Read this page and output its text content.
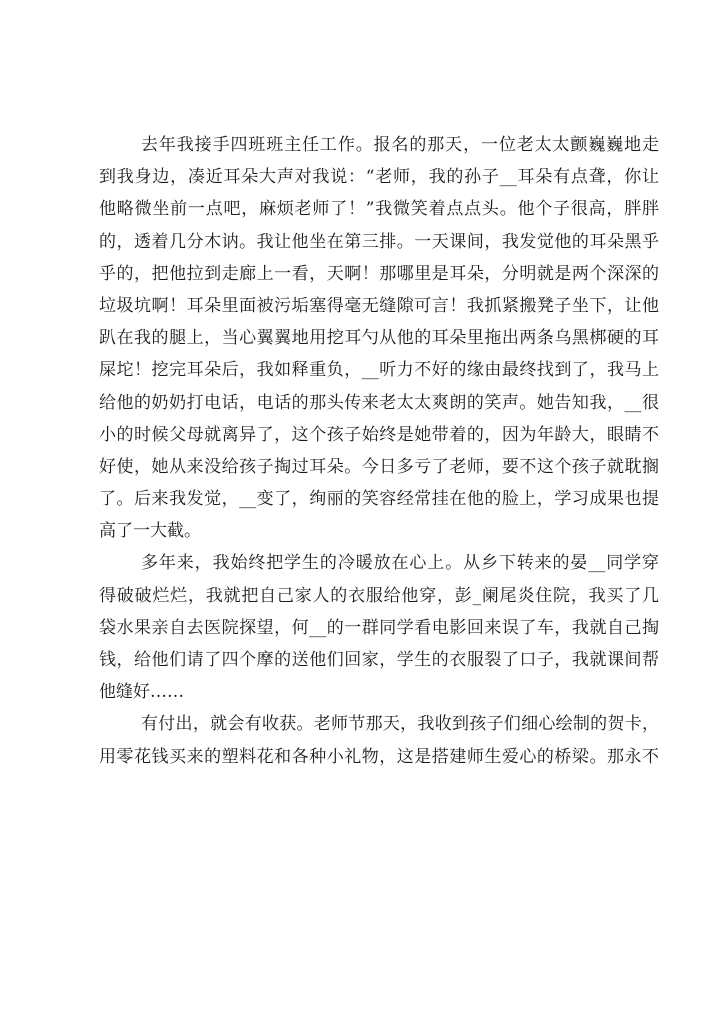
去年我接手四班班主任工作。报名的那天，一位老太太颤巍巍地走
到我身边，凑近耳朵大声对我说：“老师，我的孙子__耳朵有点聋，你让
他略微坐前一点吧，麻烦老师了！”我微笑着点点头。他个子很高，胖胖
的，透着几分木讷。我让他坐在第三排。一天课间，我发觉他的耳朵黑乎
乎的，把他拉到走廊上一看，天啊！那哪里是耳朵，分明就是两个深深的
垃圾坑啊！耳朵里面被污垢塞得毫无缝隙可言！我抓紧搬凳子坐下，让他
趴在我的腿上，当心翼翼地用挖耳勺从他的耳朵里拖出两条乌黑梆硬的耳
屎坨！挖完耳朵后，我如释重负，__听力不好的缘由最终找到了，我马上
给他的奶奶打电话，电话的那头传来老太太爽朗的笑声。她告知我，__很
小的时候父母就离异了，这个孩子始终是她带着的，因为年龄大，眼睛不
好使，她从来没给孩子掏过耳朵。今日多亏了老师，要不这个孩子就耽搁
了。后来我发觉，__变了，绚丽的笑容经常挂在他的脸上，学习成果也提
高了一大截。
多年来，我始终把学生的冷暖放在心上。从乡下转来的晏__同学穿
得破破烂烂，我就把自己家人的衣服给他穿，彭_阑尾炎住院，我买了几
袋水果亲自去医院探望，何__的一群同学看电影回来误了车，我就自己掏
钱，给他们请了四个摩的送他们回家，学生的衣服裂了口子，我就课间帮
他缝好……
有付出，就会有收获。老师节那天，我收到孩子们细心绘制的贺卡，
用零花钱买来的塑料花和各种小礼物，这是搭建师生爱心的桥梁。那永不
